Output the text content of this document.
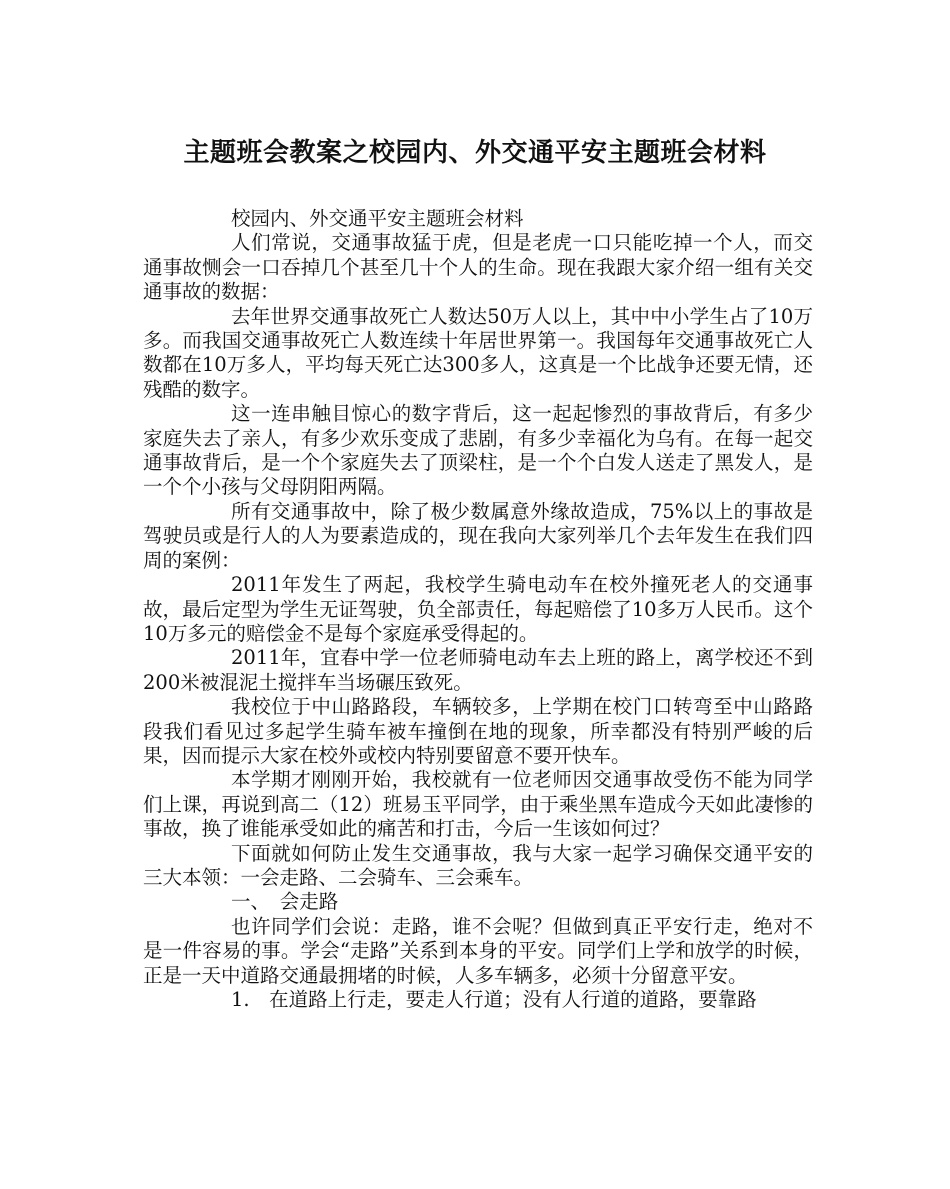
主题班会教案之校园内、外交通平安主题班会材料

校园内、外交通平安主题班会材料

人们常说，交通事故猛于虎，但是老虎一口只能吃掉一个人，而交通事故恻会一口吞掉几个甚至几十个人的生命。现在我跟大家介绍一组有关交通事故的数据：

去年世界交通事故死亡人数达50万人以上，其中中小学生占了10万多。而我国交通事故死亡人数连续十年居世界第一。我国每年交通事故死亡人数都在10万多人，平均每天死亡达300多人，这真是一个比战争还要无情，还残酷的数字。

这一连串触目惊心的数字背后，这一起起惨烈的事故背后，有多少家庭失去了亲人，有多少欢乐变成了悲剧，有多少幸福化为乌有。在每一起交通事故背后，是一个个家庭失去了顶梁柱，是一个个白发人送走了黑发人，是一个个小孩与父母阴阳两隔。

所有交通事故中，除了极少数属意外缘故造成，75%以上的事故是驾驶员或是行人的人为要素造成的，现在我向大家列举几个去年发生在我们四周的案例：

2011年发生了两起，我校学生骑电动车在校外撞死老人的交通事故，最后定型为学生无证驾驶，负全部责任，每起赔偿了10多万人民币。这个10万多元的赔偿金不是每个家庭承受得起的。

2011年，宜春中学一位老师骑电动车去上班的路上，离学校还不到200米被混泥土搅拌车当场碾压致死。

我校位于中山路路段，车辆较多，上学期在校门口转弯至中山路路段我们看见过多起学生骑车被车撞倒在地的现象，所幸都没有特别严峻的后果，因而提示大家在校外或校内特别要留意不要开快车。

本学期才刚刚开始，我校就有一位老师因交通事故受伤不能为同学们上课，再说到高二（12）班易玉平同学，由于乘坐黑车造成今天如此凄惨的事故，换了谁能承受如此的痛苦和打击，今后一生该如何过？

下面就如何防止发生交通事故，我与大家一起学习确保交通平安的三大本领：一会走路、二会骑车、三会乘车。

一、　会走路

也许同学们会说：走路，谁不会呢？但做到真正平安行走，绝对不是一件容易的事。学会“走路”关系到本身的平安。同学们上学和放学的时候，正是一天中道路交通最拥堵的时候，人多车辆多，必须十分留意平安。

1.　在道路上行走，要走人行道；没有人行道的道路，要靠路
